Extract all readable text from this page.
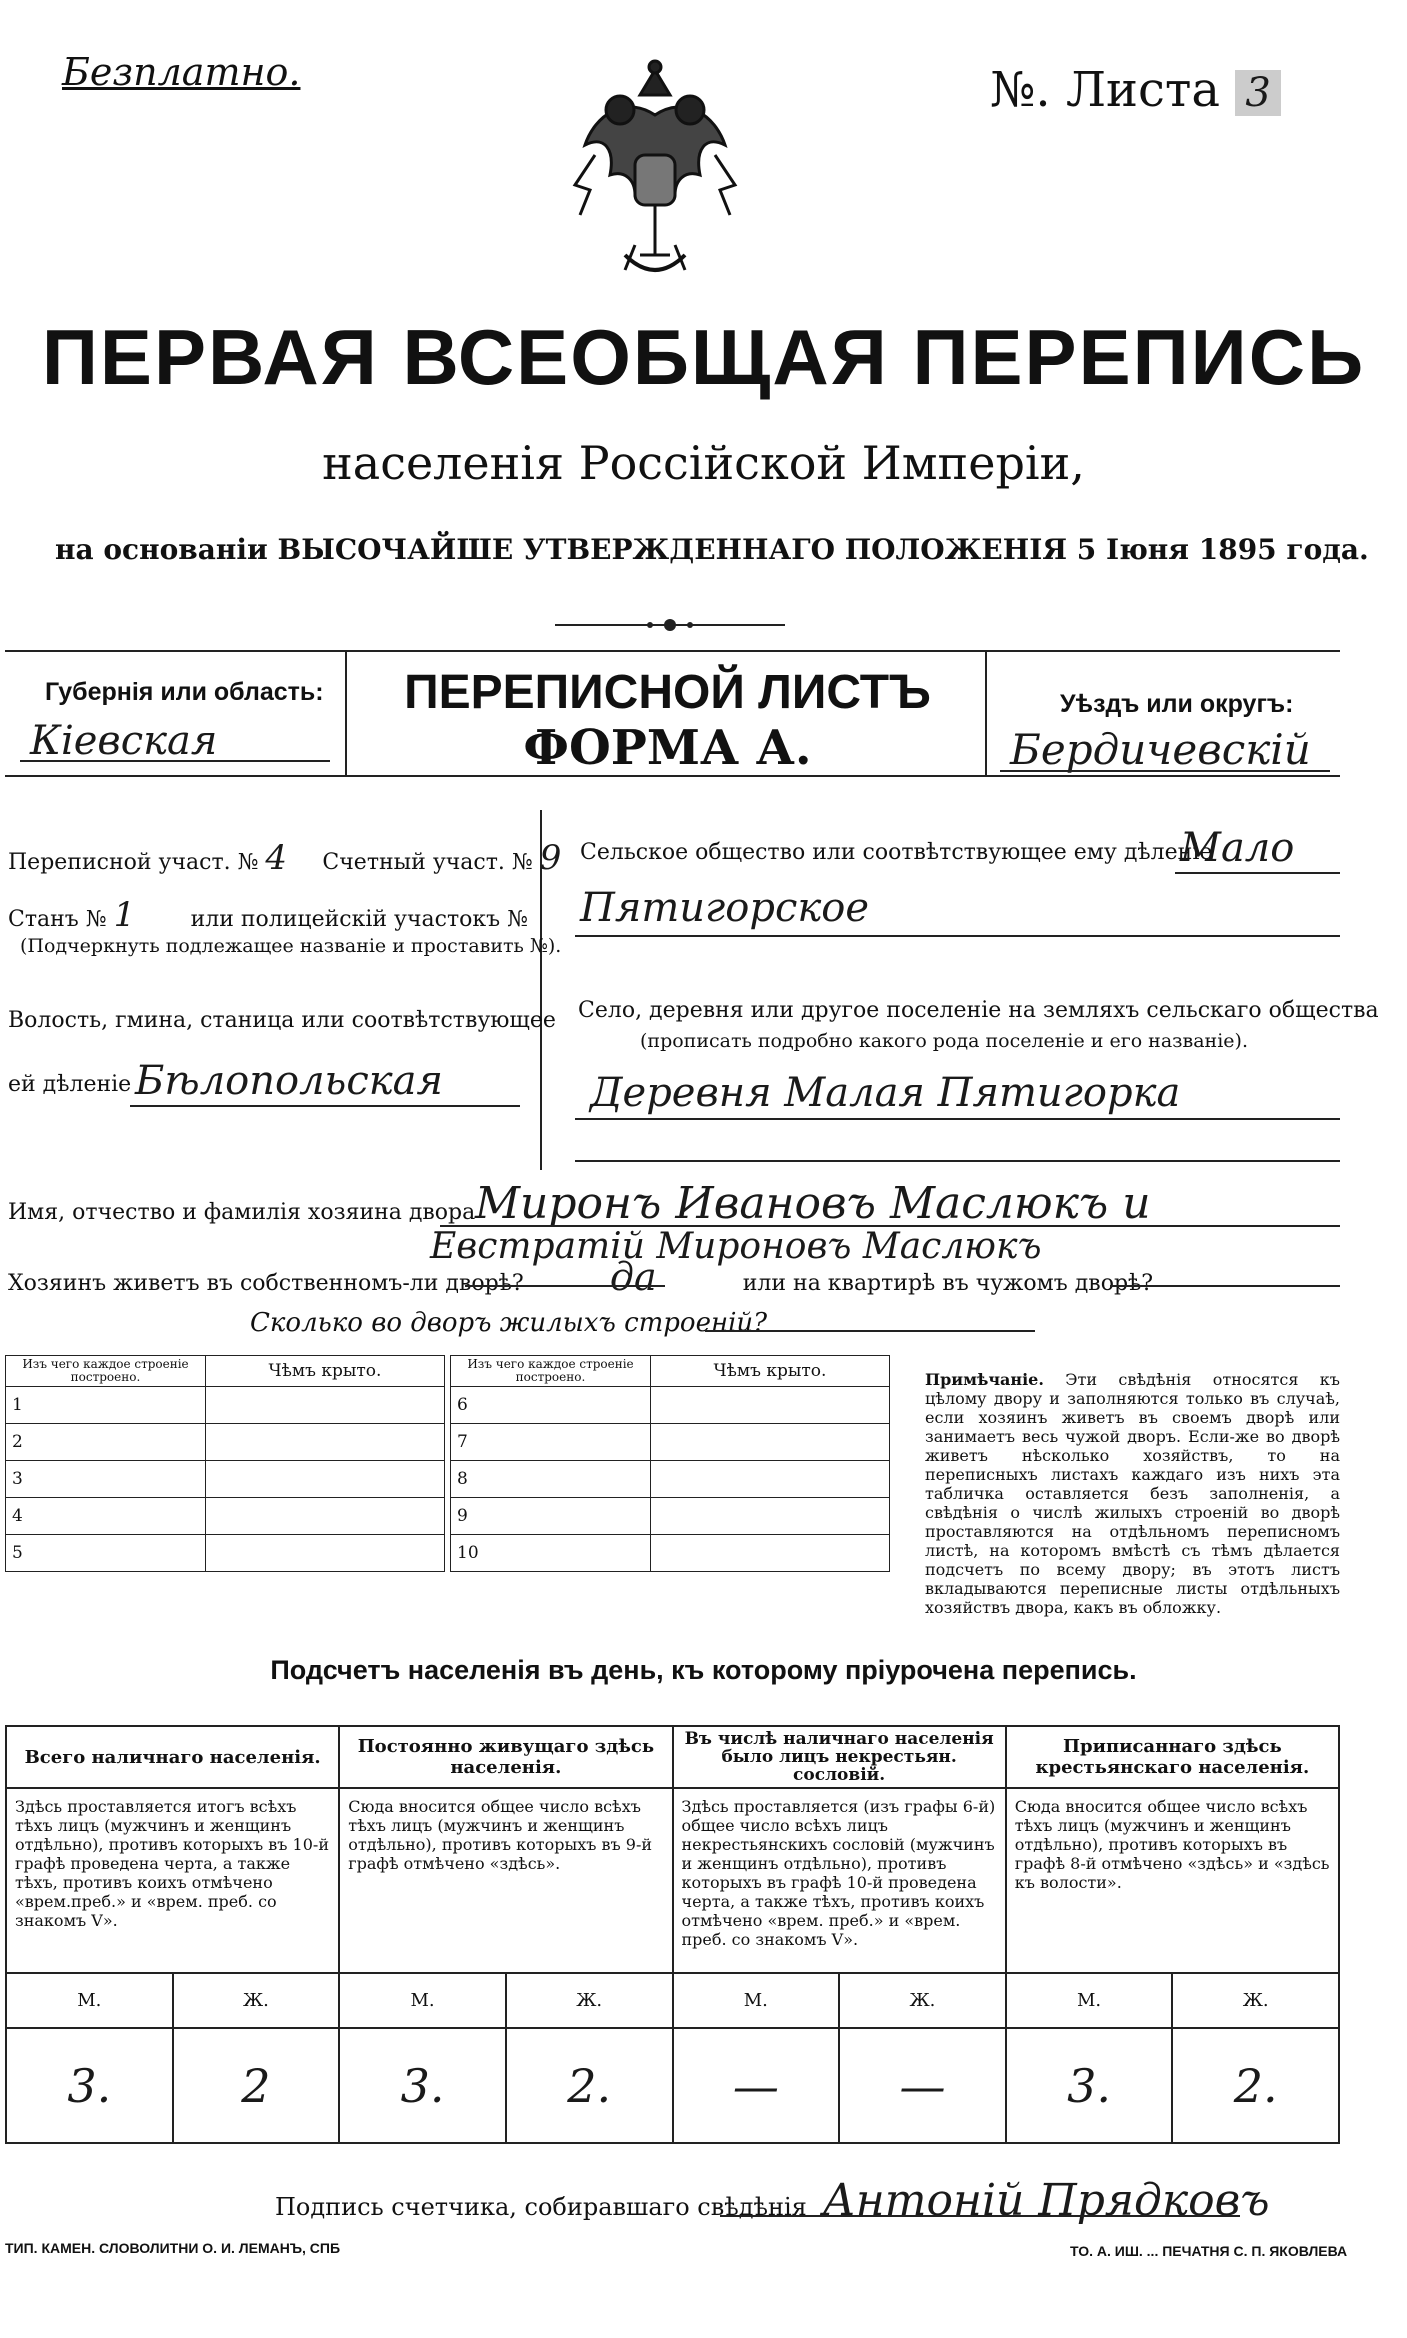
Безплатно.	№. Листа 3
ПЕРВАЯ ВСЕОБЩАЯ ПЕРЕПИСЬ
населенія Россійской Имперіи,
на основаніи ВЫСОЧАЙШЕ УТВЕРЖДЕННАГО ПОЛОЖЕНІЯ 5 Іюня 1895 года.
Губернія или область:
Кіевская
ПЕРЕПИСНОЙ ЛИСТЪ
ФОРМА А.
Уѣздъ или округъ:
Бердичевскій
Переписной участ. № 4 Счетный участ. № 9
Станъ № 1	или полицейскій участокъ №
(Подчеркнуть подлежащее названіе и проставить №).
Волость, гмина, станица или соотвѣтствующее
ей дѣленіе Бѣлопольская
Сельское общество или соотвѣтствующее ему дѣленіе
Мало
Пятигорское
Село, деревня или другое поселеніе на земляхъ сельскаго общества
(прописать подробно какого рода поселеніе и его названіе).
Деревня Малая Пятигорка
Имя, отчество и фамилія хозяина двора Миронъ Ивановъ Маслюкъ и
Евстратій Мироновъ Маслюкъ
Хозяинъ живетъ въ собственномъ-ли дворѣ? да	или на квартирѣ въ чужомъ дворѣ?
Сколько во дворъ жилыхъ строеній?
Изъ чего каждое строеніе построено.	Чѣмъ крыто.
1	
2	
3	
4	
5	
Изъ чего каждое строеніе построено.	Чѣмъ крыто.
6	
7	
8	
9	
10	
Примѣчаніе. Эти свѣдѣнія относятся къ цѣлому двору и заполняются только въ случаѣ, если хозяинъ живетъ въ своемъ дворѣ или занимаетъ весь чужой дворъ. Если-же во дворѣ живетъ нѣсколько хозяйствъ, то на переписныхъ листахъ каждаго изъ нихъ эта табличка оставляется безъ заполненія, а свѣдѣнія о числѣ жилыхъ строеній во дворѣ проставляются на отдѣльномъ переписномъ листѣ, на которомъ вмѣстѣ съ тѣмъ дѣлается подсчетъ по всему двору; въ этотъ листъ вкладываются переписные листы отдѣльныхъ хозяйствъ двора, какъ въ обложку.
Подсчетъ населенія въ день, къ которому пріурочена перепись.
Всего наличнаго населенія.		Постоянно живущаго здѣсь населенія.		Въ числѣ наличнаго населенія было лицъ некрестьян. сословій.		Приписаннаго здѣсь крестьянскаго населенія.	
Здѣсь проставляется итогъ всѣхъ тѣхъ лицъ (мужчинъ и женщинъ отдѣльно), противъ которыхъ въ 10-й графѣ проведена черта, а также тѣхъ, противъ коихъ отмѣчено «врем.преб.» и «врем. преб. со знакомъ V».		Сюда вносится общее число всѣхъ тѣхъ лицъ (мужчинъ и женщинъ отдѣльно), противъ которыхъ въ 9-й графѣ отмѣчено «здѣсь».		Здѣсь проставляется (изъ графы 6-й) общее число всѣхъ лицъ некрестьянскихъ сословій (мужчинъ и женщинъ отдѣльно), противъ которыхъ въ графѣ 10-й проведена черта, а также тѣхъ, противъ коихъ отмѣчено «врем. преб.» и «врем. преб. со знакомъ V».		Сюда вносится общее число всѣхъ тѣхъ лицъ (мужчинъ и женщинъ отдѣльно), противъ которыхъ въ графѣ 8-й отмѣчено «здѣсь» и «здѣсь къ волости».	
М.	Ж.	М.	Ж.	М.	Ж.	М.	Ж.
3.	2	3.	2.	—	—	3.	2.
Подпись счетчика, собиравшаго свѣдѣнія Антоній Прядковъ
ТИП. КАМЕН. СЛОВОЛИТНИ О. И. ЛЕМАНЪ, СПБ	ТО. А. ИШ. ... ПЕЧАТНЯ С. П. ЯКОВЛЕВА
